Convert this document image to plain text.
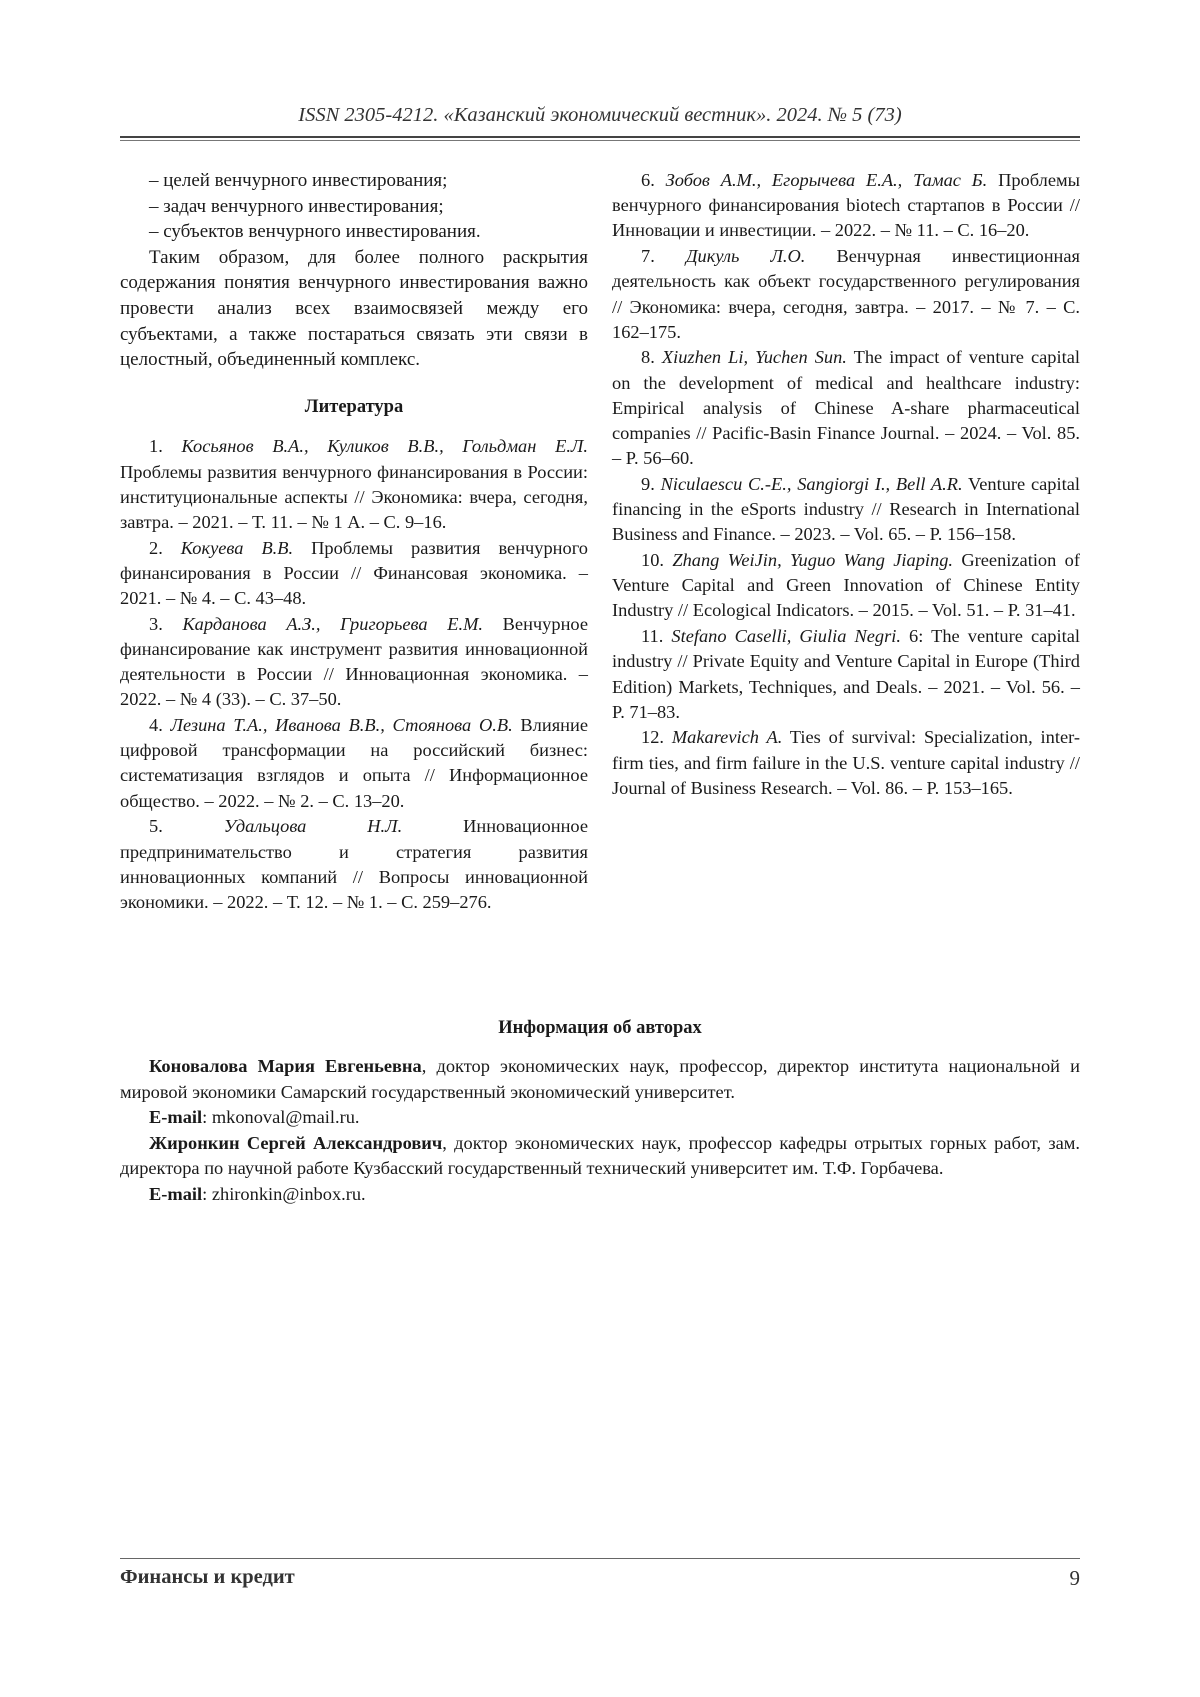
ISSN 2305-4212. «Казанский экономический вестник». 2024. № 5 (73)

– целей венчурного инвестирования;

– задач венчурного инвестирования;

– субъектов венчурного инвестирования.

Таким образом, для более полного раскрытия содержания понятия венчурного инвестирования важно провести анализ всех взаимосвязей между его субъектами, а также постараться связать эти связи в целостный, объединенный комплекс.

Литература

1. Косьянов В.А., Куликов В.В., Гольдман Е.Л. Проблемы развития венчурного финансирования в России: институциональные аспекты // Экономика: вчера, сегодня, завтра. – 2021. – Т. 11. – № 1 А. – С. 9–16.

2. Кокуева В.В. Проблемы развития венчурного финансирования в России // Финансовая экономика. – 2021. – № 4. – С. 43–48.

3. Карданова А.З., Григорьева Е.М. Венчурное финансирование как инструмент развития инновационной деятельности в России // Инновационная экономика. – 2022. – № 4 (33). – С. 37–50.

4. Лезина Т.А., Иванова В.В., Стоянова О.В. Влияние цифровой трансформации на российский бизнес: систематизация взглядов и опыта // Информационное общество. – 2022. – № 2. – С. 13–20.

5.	Удальцова Н.Л.	Инновационное предпринимательство и стратегия развития инновационных компаний // Вопросы инновационной экономики. – 2022. – Т. 12. – № 1. – С. 259–276.

6. Зобов А.М., Егорычева Е.А., Тамас Б. Проблемы венчурного финансирования biotech стартапов в России // Инновации и инвестиции. – 2022. – № 11. – С. 16–20.

7. Дикуль Л.О. Венчурная инвестиционная деятельность как объект государственного регулирования // Экономика: вчера, сегодня, завтра. – 2017. – № 7. – С. 162–175.

8. Xiuzhen Li, Yuchen Sun. The impact of venture capital on the development of medical and healthcare industry: Empirical analysis of Chinese A-share pharmaceutical companies // Pacific-Basin Finance Journal. – 2024. – Vol. 85. – P. 56–60.

9. Niculaescu C.-E., Sangiorgi I., Bell A.R. Venture capital financing in the eSports industry // Research in International Business and Finance. – 2023. – Vol. 65. – P. 156–158.

10. Zhang WeiJin, Yuguo Wang Jiaping. Greenization of Venture Capital and Green Innovation of Chinese Entity Industry // Ecological Indicators. – 2015. – Vol. 51. – P. 31–41.

11. Stefano Caselli, Giulia Negri. 6: The venture capital industry // Private Equity and Venture Capital in Europe (Third Edition) Markets, Techniques, and Deals. – 2021. – Vol. 56. – P. 71–83.

12. Makarevich A. Ties of survival: Specialization, inter-firm ties, and firm failure in the U.S. venture capital industry // Journal of Business Research. – Vol. 86. – P. 153–165.

Информация об авторах

Коновалова Мария Евгеньевна, доктор экономических наук, профессор, директор института национальной и мировой экономики Самарский государственный экономический университет.

E-mail: mkonoval@mail.ru.

Жиронкин Сергей Александрович, доктор экономических наук, профессор кафедры отрытых горных работ, зам. директора по научной работе Кузбасский государственный технический университет им. Т.Ф. Горбачева.

E-mail: zhironkin@inbox.ru.

Финансы и кредит	9
